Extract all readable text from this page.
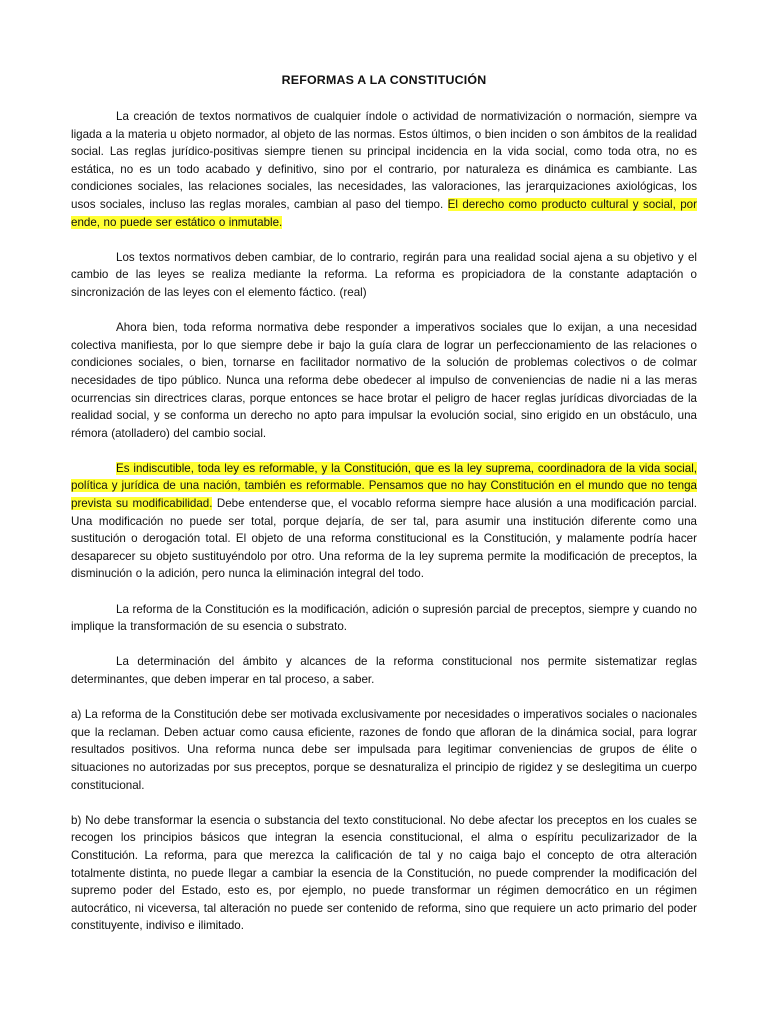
REFORMAS A LA CONSTITUCIÓN

La creación de textos normativos de cualquier índole o actividad de normativización o normación, siempre va ligada a la materia u objeto normador, al objeto de las normas. Estos últimos, o bien inciden o son ámbitos de la realidad social. Las reglas jurídico-positivas siempre tienen su principal incidencia en la vida social, como toda otra, no es estática, no es un todo acabado y definitivo, sino por el contrario, por naturaleza es dinámica es cambiante. Las condiciones sociales, las relaciones sociales, las necesidades, las valoraciones, las jerarquizaciones axiológicas, los usos sociales, incluso las reglas morales, cambian al paso del tiempo. El derecho como producto cultural y social, por ende, no puede ser estático o inmutable.

Los textos normativos deben cambiar, de lo contrario, regirán para una realidad social ajena a su objetivo y el cambio de las leyes se realiza mediante la reforma. La reforma es propiciadora de la constante adaptación o sincronización de las leyes con el elemento fáctico. (real)

Ahora bien, toda reforma normativa debe responder a imperativos sociales que lo exijan, a una necesidad colectiva manifiesta, por lo que siempre debe ir bajo la guía clara de lograr un perfeccionamiento de las relaciones o condiciones sociales, o bien, tornarse en facilitador normativo de la solución de problemas colectivos o de colmar necesidades de tipo público. Nunca una reforma debe obedecer al impulso de conveniencias de nadie ni a las meras ocurrencias sin directrices claras, porque entonces se hace brotar el peligro de hacer reglas jurídicas divorciadas de la realidad social, y se conforma un derecho no apto para impulsar la evolución social, sino erigido en un obstáculo, una rémora (atolladero) del cambio social.

Es indiscutible, toda ley es reformable, y la Constitución, que es la ley suprema, coordinadora de la vida social, política y jurídica de una nación, también es reformable. Pensamos que no hay Constitución en el mundo que no tenga prevista su modificabilidad. Debe entenderse que, el vocablo reforma siempre hace alusión a una modificación parcial. Una modificación no puede ser total, porque dejaría, de ser tal, para asumir una institución diferente como una sustitución o derogación total. El objeto de una reforma constitucional es la Constitución, y malamente podría hacer desaparecer su objeto sustituyéndolo por otro. Una reforma de la ley suprema permite la modificación de preceptos, la disminución o la adición, pero nunca la eliminación integral del todo.

La reforma de la Constitución es la modificación, adición o supresión parcial de preceptos, siempre y cuando no implique la transformación de su esencia o substrato.

La determinación del ámbito y alcances de la reforma constitucional nos permite sistematizar reglas determinantes, que deben imperar en tal proceso, a saber.

a) La reforma de la Constitución debe ser motivada exclusivamente por necesidades o imperativos sociales o nacionales que la reclaman. Deben actuar como causa eficiente, razones de fondo que afloran de la dinámica social, para lograr resultados positivos. Una reforma nunca debe ser impulsada para legitimar conveniencias de grupos de élite o situaciones no autorizadas por sus preceptos, porque se desnaturaliza el principio de rigidez y se deslegitima un cuerpo constitucional.

b) No debe transformar la esencia o substancia del texto constitucional. No debe afectar los preceptos en los cuales se recogen los principios básicos que integran la esencia constitucional, el alma o espíritu peculizarizador de la Constitución. La reforma, para que merezca la calificación de tal y no caiga bajo el concepto de otra alteración totalmente distinta, no puede llegar a cambiar la esencia de la Constitución, no puede comprender la modificación del supremo poder del Estado, esto es, por ejemplo, no puede transformar un régimen democrático en un régimen autocrático, ni viceversa, tal alteración no puede ser contenido de reforma, sino que requiere un acto primario del poder constituyente, indiviso e ilimitado.
